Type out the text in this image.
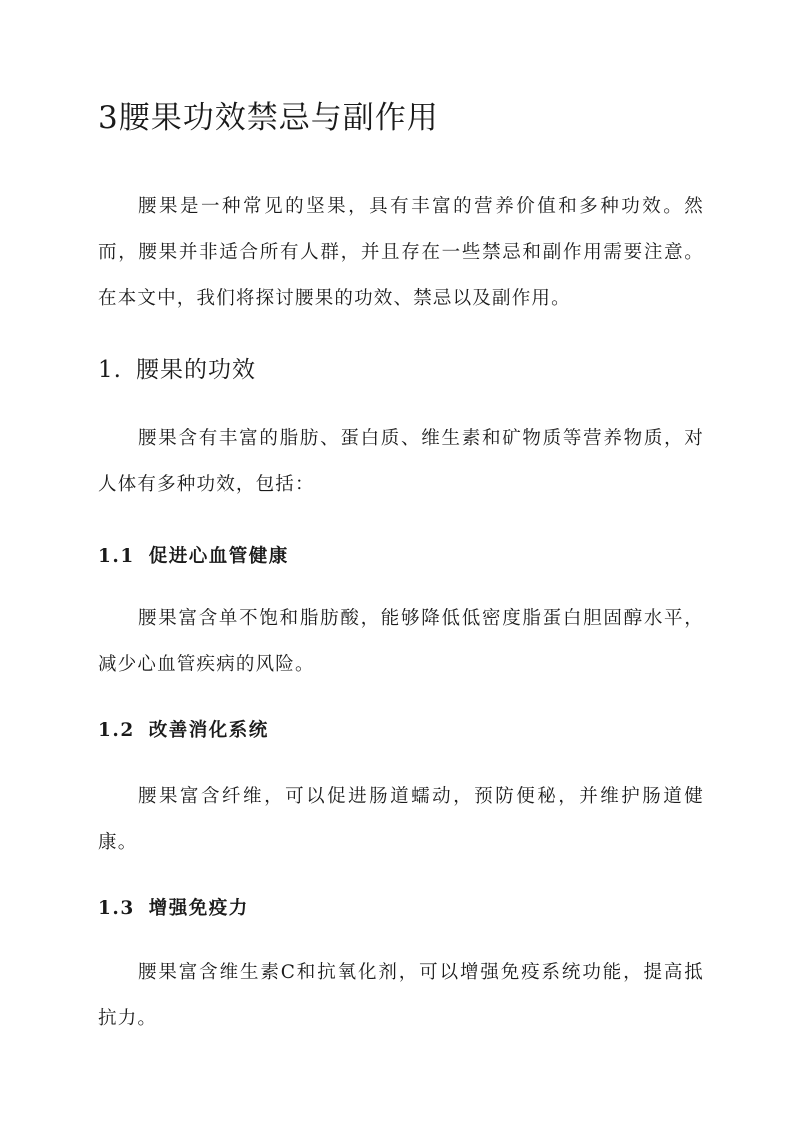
3腰果功效禁忌与副作用

腰果是一种常见的坚果，具有丰富的营养价值和多种功效。然而，腰果并非适合所有人群，并且存在一些禁忌和副作用需要注意。在本文中，我们将探讨腰果的功效、禁忌以及副作用。

1. 腰果的功效

腰果含有丰富的脂肪、蛋白质、维生素和矿物质等营养物质，对人体有多种功效，包括：

1.1 促进心血管健康

腰果富含单不饱和脂肪酸，能够降低低密度脂蛋白胆固醇水平，减少心血管疾病的风险。

1.2 改善消化系统

腰果富含纤维，可以促进肠道蠕动，预防便秘，并维护肠道健康。

1.3 增强免疫力

腰果富含维生素C和抗氧化剂，可以增强免疫系统功能，提高抵抗力。
